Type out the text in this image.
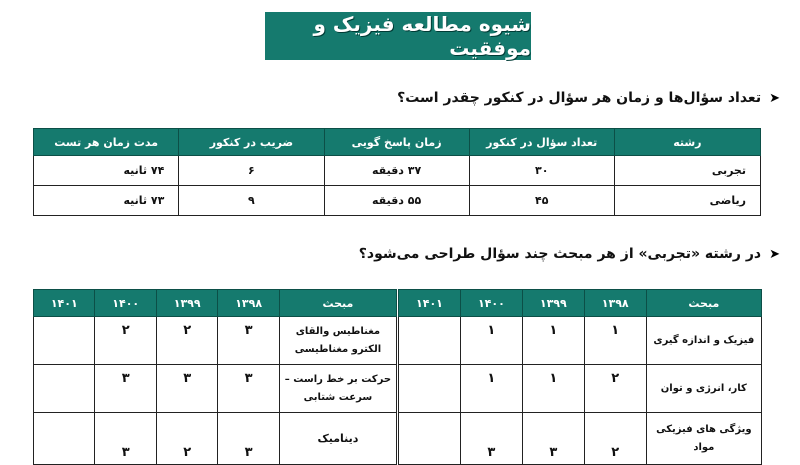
شیوه مطالعه فیزیک و موفقیت
➤
تعداد سؤال‌ها و زمان هر سؤال در کنکور چقدر است؟
رشته	تعداد سؤال در کنکور	زمان پاسخ گویی	ضریب در کنکور	مدت زمان هر تست
تجربی	۳۰	۳۷ دقیقه	۶	۷۴ ثانیه
ریاضی	۴۵	۵۵ دقیقه	۹	۷۳ ثانیه
➤
در رشته «تجربی» از هر مبحث چند سؤال طراحی می‌شود؟
مبحث	۱۳۹۸	۱۳۹۹	۱۴۰۰	۱۴۰۱
فیزیک و اندازه گیری	۱	۱	۱	
کار، انرژی و توان	۲	۱	۱	
ویژگی های فیزیکی مواد	۲	۳	۳	
مبحث	۱۳۹۸	۱۳۹۹	۱۴۰۰	۱۴۰۱
مغناطیس والقای الکترو مغناطیسی	۳	۲	۲	
حرکت بر خط راست – سرعت شتابی	۳	۳	۳	
دینامیک	۳	۲	۳	
